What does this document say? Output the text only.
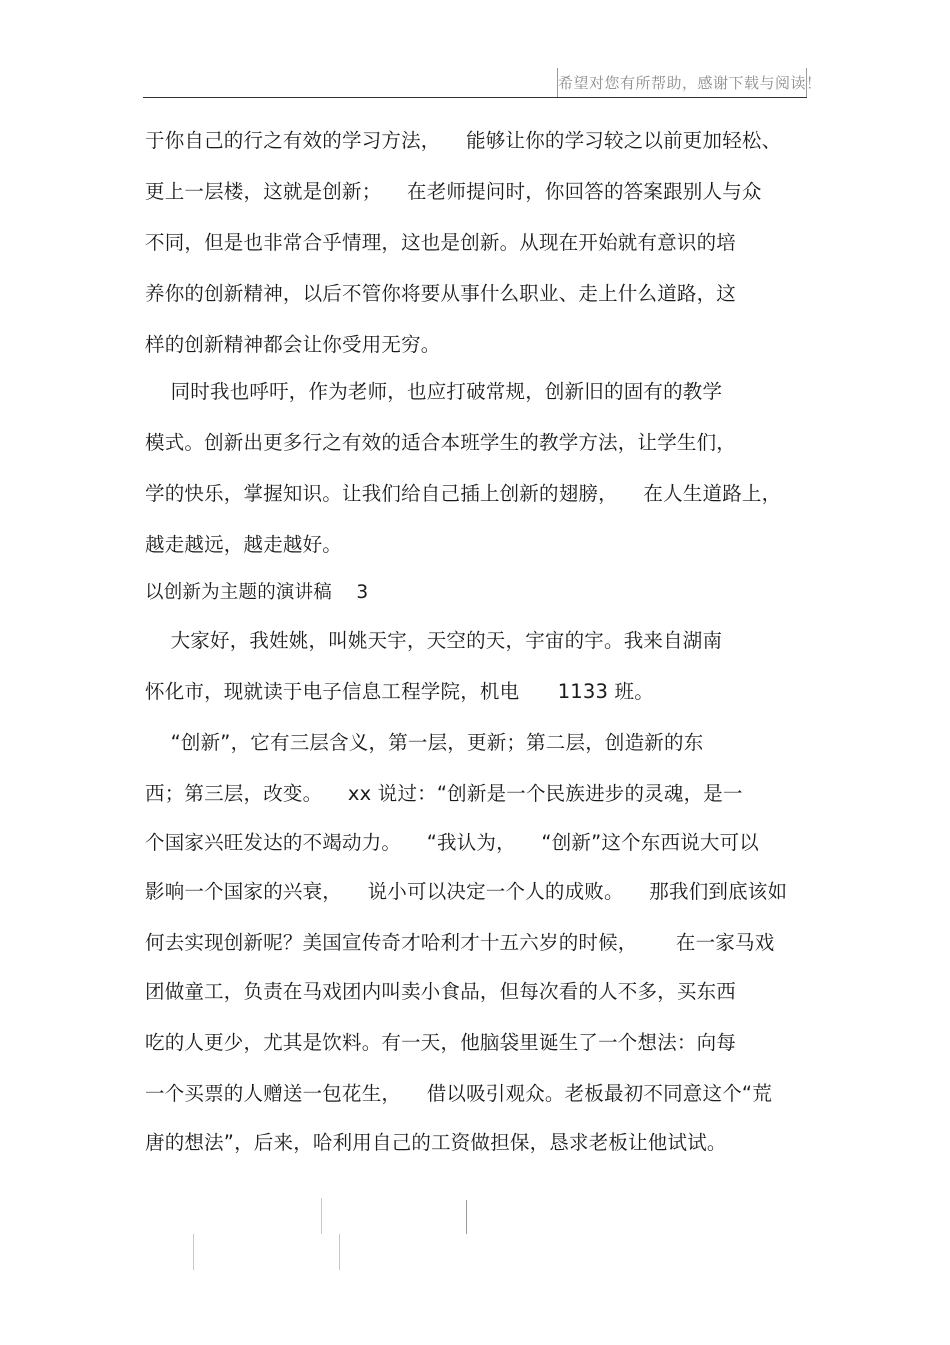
希望对您有所帮助，感谢下载与阅读！
于你自己的行之有效的学习方法，    能够让你的学习较之以前更加轻松、
更上一层楼，这就是创新；    在老师提问时，你回答的答案跟别人与众
不同，但是也非常合乎情理，这也是创新。从现在开始就有意识的培
养你的创新精神，以后不管你将要从事什么职业、走上什么道路，这
样的创新精神都会让你受用无穷。
同时我也呼吁，作为老师，也应打破常规，创新旧的固有的教学
模式。创新出更多行之有效的适合本班学生的教学方法，让学生们，
学的快乐，掌握知识。让我们给自己插上创新的翅膀，    在人生道路上，
越走越远，越走越好。
以创新为主题的演讲稿    3
大家好，我姓姚，叫姚天宇，天空的天，宇宙的宇。我来自湖南
怀化市，现就读于电子信息工程学院，机电      1133 班。
“创新”，它有三层含义，第一层，更新；第二层，创造新的东
西；第三层，改变。    xx 说过：“创新是一个民族进步的灵魂，是一
个国家兴旺发达的不竭动力。    “我认为，    “创新”这个东西说大可以
影响一个国家的兴衰，    说小可以决定一个人的成败。    那我们到底该如
何去实现创新呢？美国宣传奇才哈利才十五六岁的时候，      在一家马戏
团做童工，负责在马戏团内叫卖小食品，但每次看的人不多，买东西
吃的人更少，尤其是饮料。有一天，他脑袋里诞生了一个想法：向每
一个买票的人赠送一包花生，    借以吸引观众。老板最初不同意这个“荒
唐的想法”，后来，哈利用自己的工资做担保，恳求老板让他试试。
